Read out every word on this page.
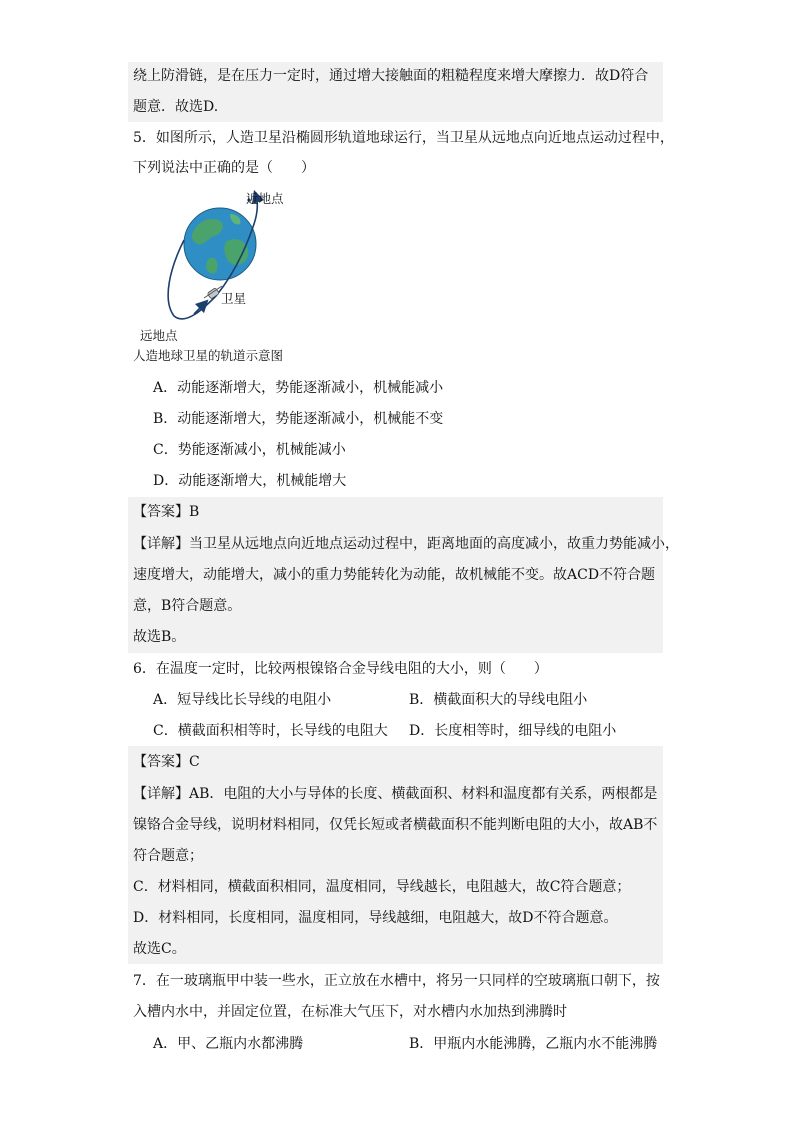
绕上防滑链，是在压力一定时，通过增大接触面的粗糙程度来增大摩擦力．故D符合
题意．故选D.
5．如图所示，人造卫星沿椭圆形轨道地球运行，当卫星从远地点向近地点运动过程中，
下列说法中正确的是（　　）
近地点
卫星
远地点
人造地球卫星的轨道示意图
A．动能逐渐增大，势能逐渐减小，机械能减小
B．动能逐渐增大，势能逐渐减小，机械能不变
C．势能逐渐减小，机械能减小
D．动能逐渐增大，机械能增大
【答案】B
【详解】当卫星从远地点向近地点运动过程中，距离地面的高度减小，故重力势能减小，
速度增大，动能增大，减小的重力势能转化为动能，故机械能不变。故ACD不符合题
意，B符合题意。
故选B。
6．在温度一定时，比较两根镍铬合金导线电阻的大小，则（　　）
A．短导线比长导线的电阻小	B．横截面积大的导线电阻小
C．横截面积相等时，长导线的电阻大 D．长度相等时，细导线的电阻小
【答案】C
【详解】AB．电阻的大小与导体的长度、横截面积、材料和温度都有关系，两根都是
镍铬合金导线，说明材料相同，仅凭长短或者横截面积不能判断电阻的大小，故AB不
符合题意；
C．材料相同，横截面积相同，温度相同，导线越长，电阻越大，故C符合题意；
D．材料相同，长度相同，温度相同，导线越细，电阻越大，故D不符合题意。
故选C。
7．在一玻璃瓶甲中装一些水，正立放在水槽中，将另一只同样的空玻璃瓶口朝下，按
入槽内水中，并固定位置，在标准大气压下，对水槽内水加热到沸腾时
A．甲、乙瓶内水都沸腾	B．甲瓶内水能沸腾，乙瓶内水不能沸腾
